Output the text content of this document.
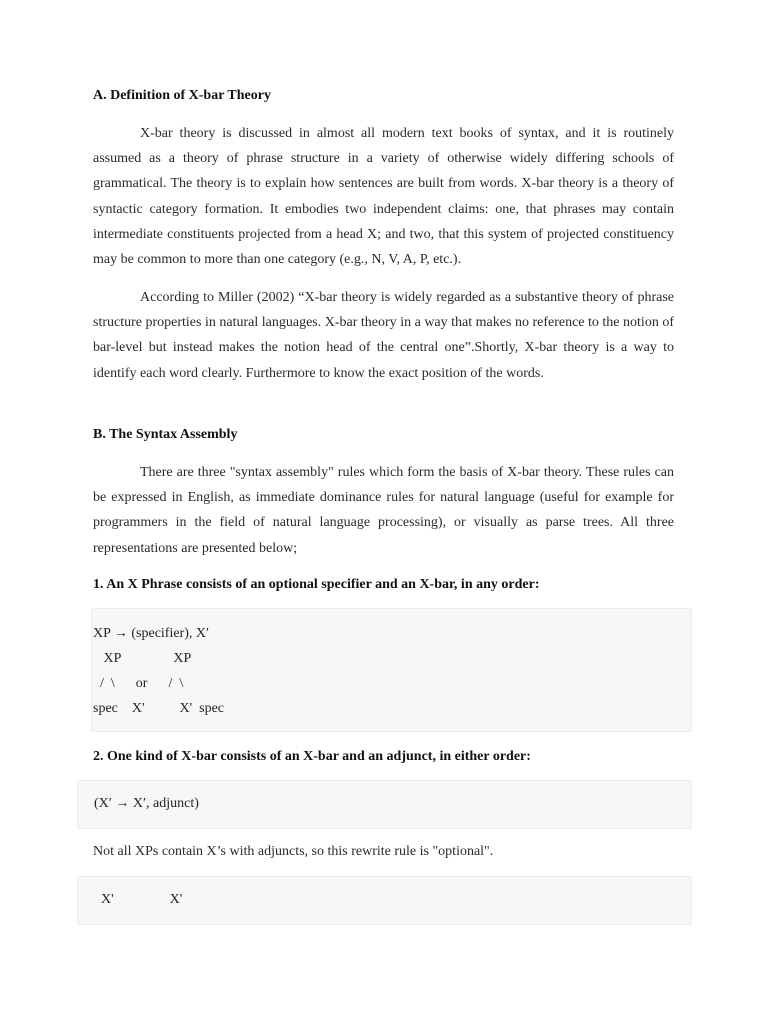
A. Definition of X-bar Theory
X-bar theory is discussed in almost all modern text books of syntax, and it is routinely assumed as a theory of phrase structure in a variety of otherwise widely differing schools of grammatical. The theory is to explain how sentences are built from words. X-bar theory is a theory of syntactic category formation. It embodies two independent claims: one, that phrases may contain intermediate constituents projected from a head X; and two, that this system of projected constituency may be common to more than one category (e.g., N, V, A, P, etc.).
According to Miller (2002) “X-bar theory is widely regarded as a substantive theory of phrase structure properties in natural languages. X-bar theory in a way that makes no reference to the notion of bar-level but instead makes the notion head of the central one”.Shortly, X-bar theory is a way to identify each word clearly. Furthermore to know the exact position of the words.
B. The Syntax Assembly
There are three "syntax assembly" rules which form the basis of X-bar theory. These rules can be expressed in English, as immediate dominance rules for natural language (useful for example for programmers in the field of natural language processing), or visually as parse trees. All three representations are presented below;
1. An X Phrase consists of an optional specifier and an X-bar, in any order:
XP → (specifier), X′
XP               XP
/  \      or      /  \
spec    X'          X'  spec
2. One kind of X-bar consists of an X-bar and an adjunct, in either order:
(X′ → X′, adjunct)
Not all XPs contain X’s with adjuncts, so this rewrite rule is "optional".
X'                X'
